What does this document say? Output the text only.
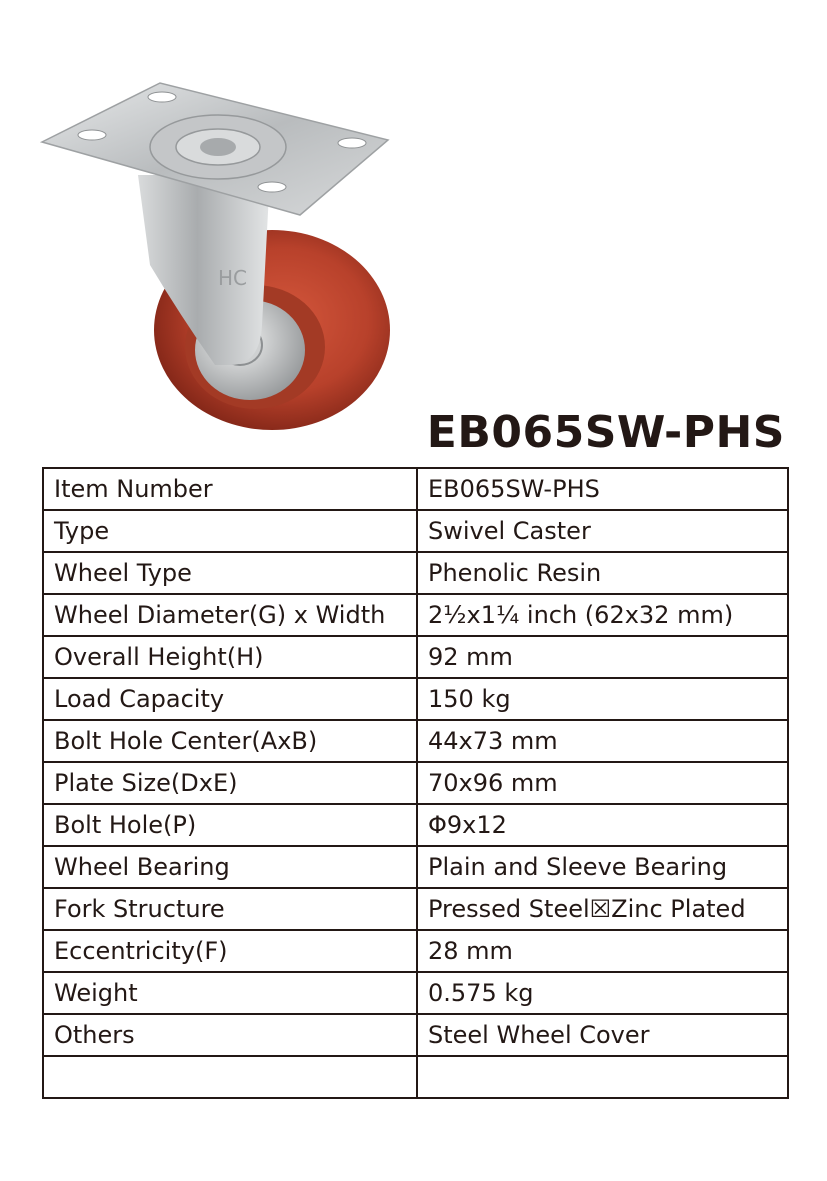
HC
EB065SW-PHS
Item Number	EB065SW-PHS
Type	Swivel Caster
Wheel Type	Phenolic Resin
Wheel Diameter(G) x Width	2½x1¼ inch (62x32 mm)
Overall Height(H)	92 mm
Load Capacity	150 kg
Bolt Hole Center(AxB)	44x73 mm
Plate Size(DxE)	70x96 mm
Bolt Hole(P)	Φ9x12
Wheel Bearing	Plain and Sleeve Bearing
Fork Structure	Pressed Steel☒Zinc Plated
Eccentricity(F)	28 mm
Weight	0.575 kg
Others	Steel Wheel Cover
